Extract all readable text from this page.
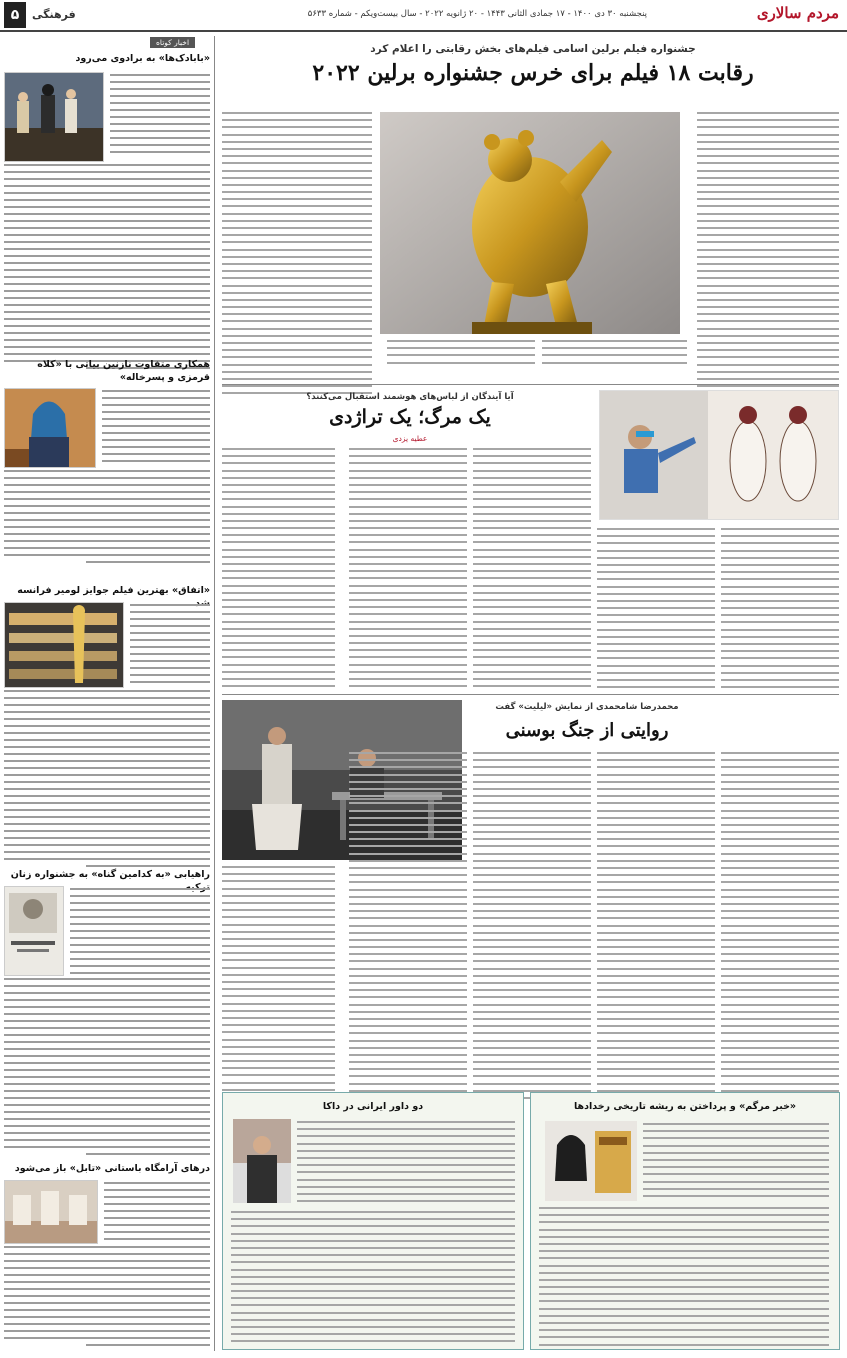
مردم سالاری
پنجشنبه ۳۰ دی ۱۴۰۰ - ۱۷ جمادی الثانی ۱۴۴۳ - ۲۰ ژانویه ۲۰۲۲ - سال بیست‌ویکم - شماره ۵۶۳۳
فرهنگی
۵
اخبار کوتاه
«بابادک‌ها» به برادوی می‌رود
همکاری متفاوت نازنین بیاتی با «کلاه قرمزی و پسرخاله»
«اتفاق» بهترین فیلم جوایز لومیر فرانسه
راهیابی «به کدامین گناه» به جشنواره زنان
درهای آرامگاه باستانی «تابل» باز می‌شود
جشنواره فیلم برلین اسامی فیلم‌های بخش رقابتی را اعلام کرد
رقابت ۱۸ فیلم برای خرس جشنواره برلین ۲۰۲۲
آیا آیندگان از لباس‌های هوشمند استقبال می‌کنند؟
یک مرگ؛ یک تراژدی
عطیه یزدی
محمدرضا شامحمدی از نمایش «لیلیت» گفت
روایتی از جنگ بوسنی
دو داور ایرانی در داکا	«خبر مرگم» و پرداختن به ریشه تاریخی رخدادها
